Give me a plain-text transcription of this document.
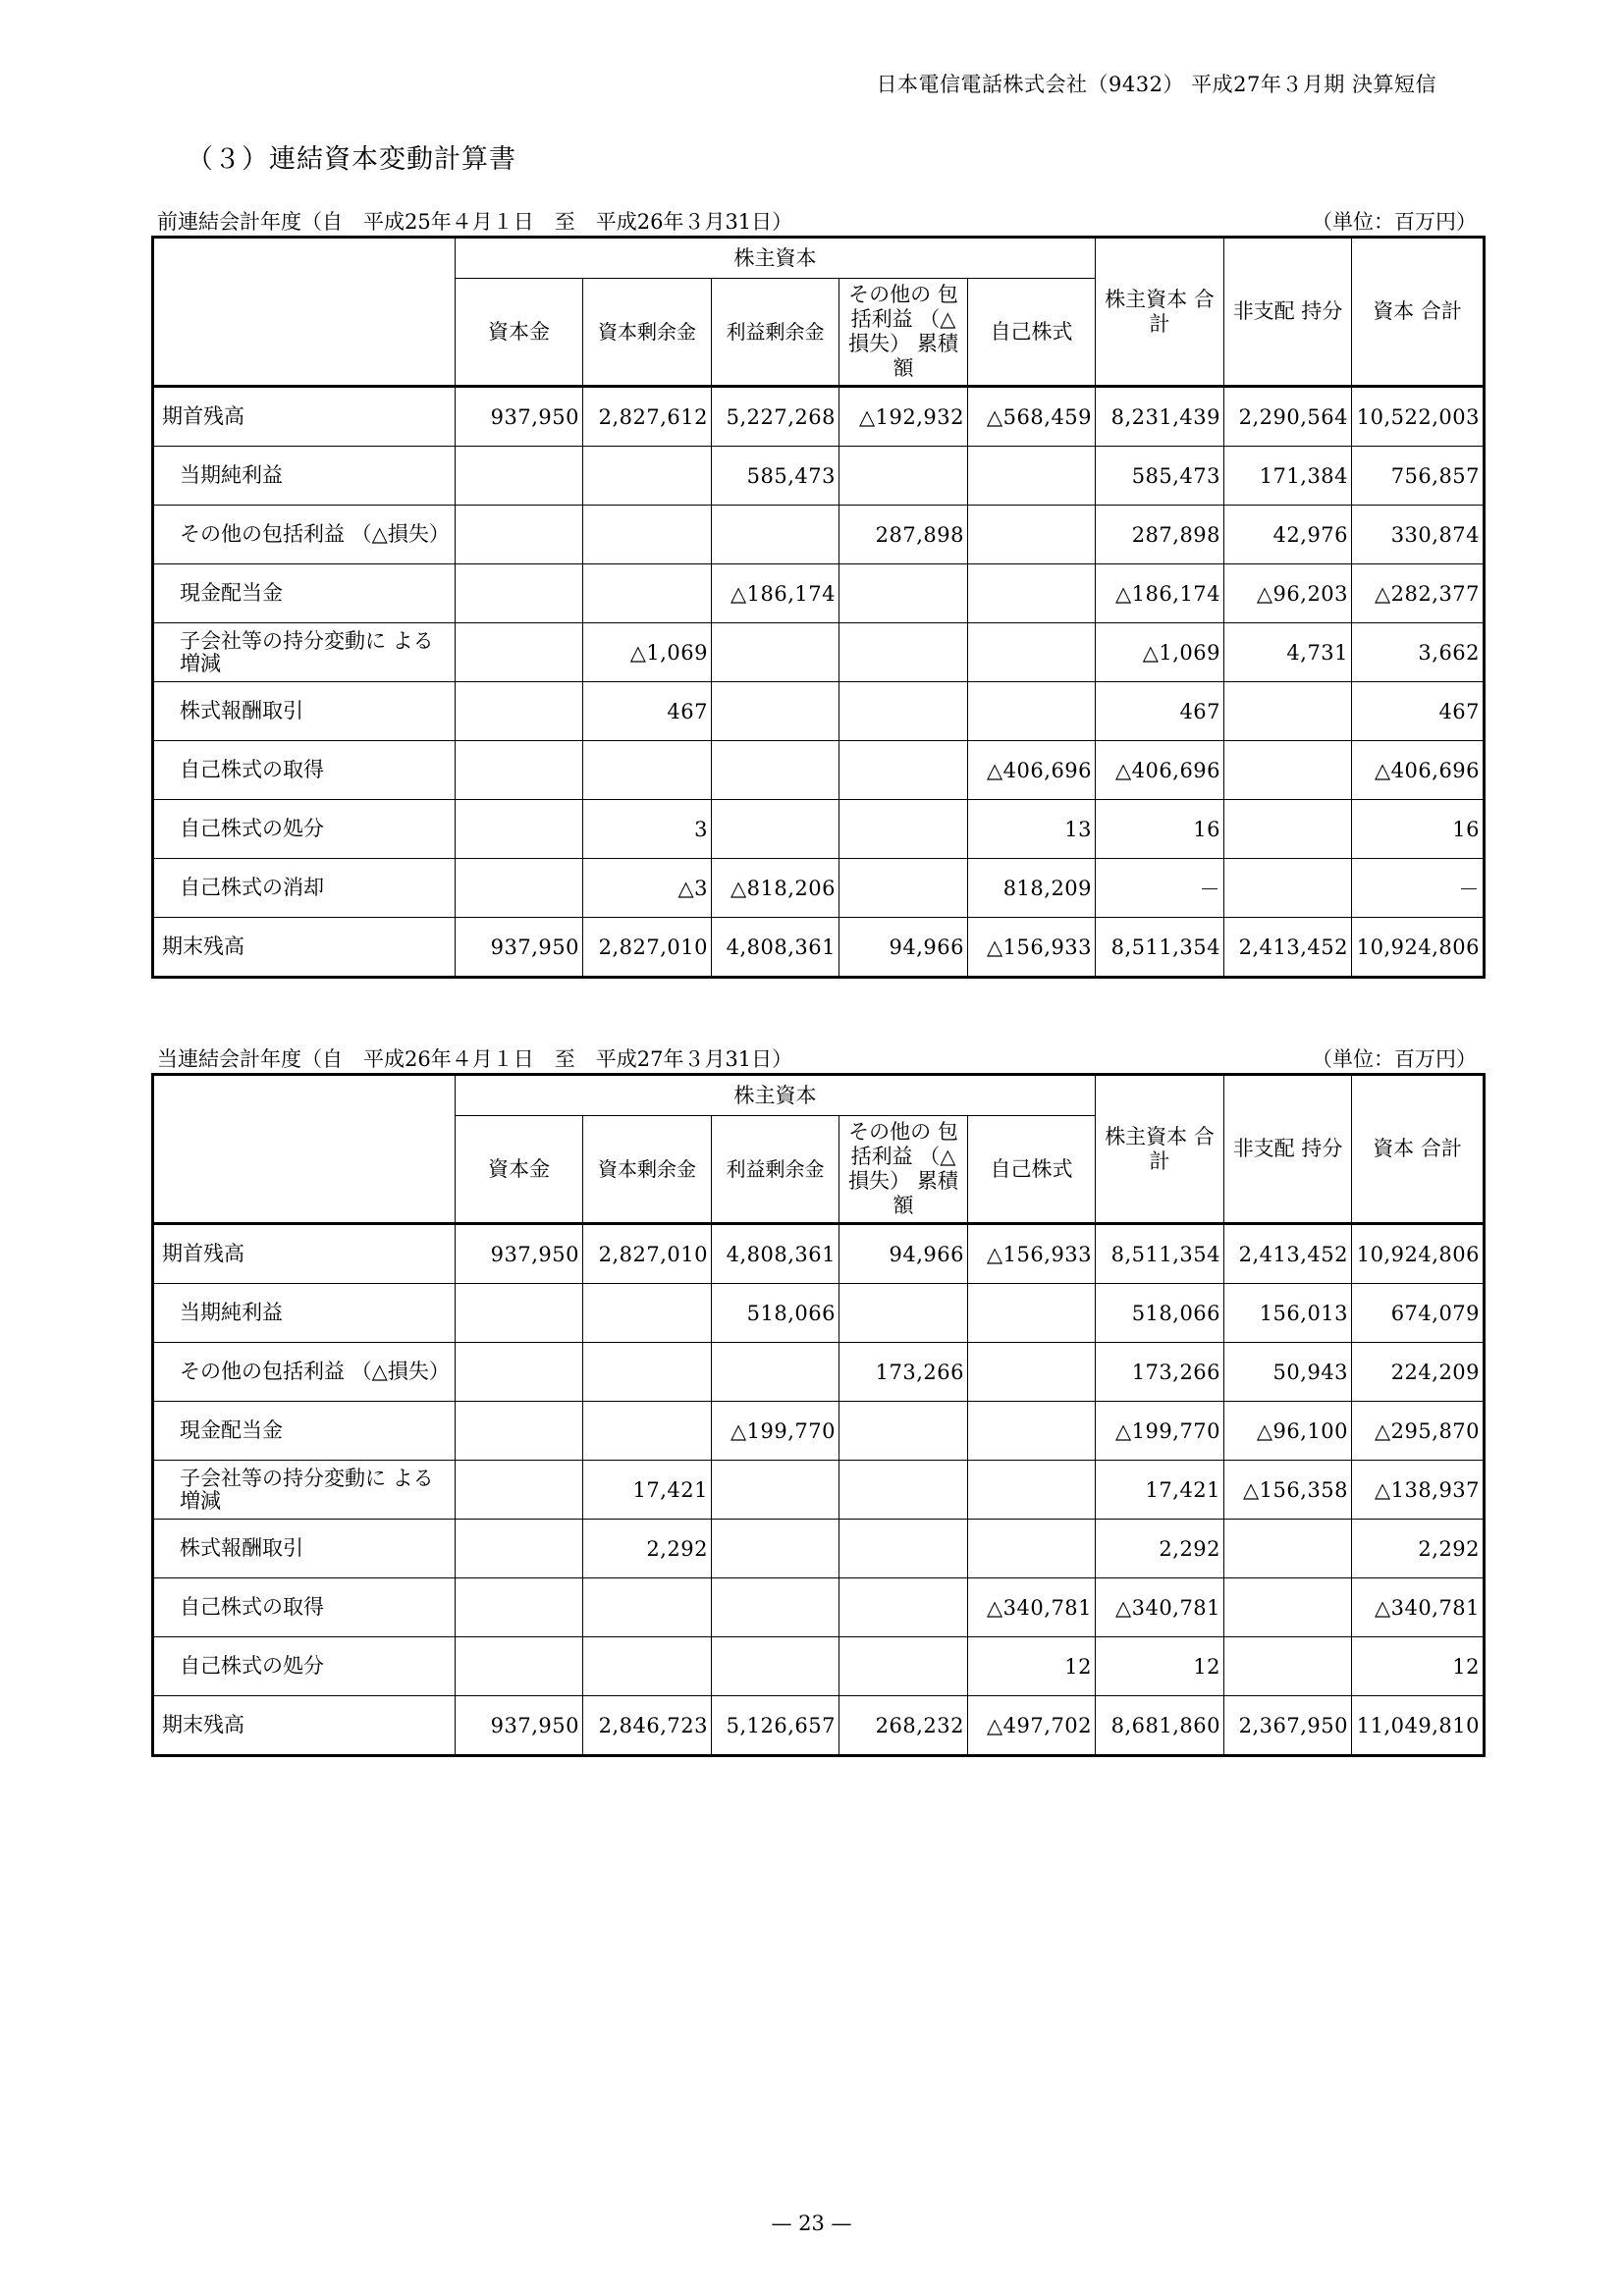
日本電信電話株式会社（9432） 平成27年３月期 決算短信
（３）連結資本変動計算書
前連結会計年度（自　平成25年４月１日　至　平成26年３月31日）	（単位：百万円）
	株主資本					株主資本 合計	非支配 持分	資本 合計
	資本金	資本剰余金	利益剰余金	その他の 包括利益 （△損失） 累積額	自己株式			
期首残高	937,950	2,827,612	5,227,268	△192,932	△568,459	8,231,439	2,290,564	10,522,003
当期純利益			585,473			585,473	171,384	756,857
その他の包括利益 （△損失）				287,898		287,898	42,976	330,874
現金配当金			△186,174			△186,174	△96,203	△282,377
子会社等の持分変動に よる増減		△1,069				△1,069	4,731	3,662
株式報酬取引		467				467		467
自己株式の取得					△406,696	△406,696		△406,696
自己株式の処分		3			13	16		16
自己株式の消却		△3	△818,206		818,209	－		－
期末残高	937,950	2,827,010	4,808,361	94,966	△156,933	8,511,354	2,413,452	10,924,806
当連結会計年度（自　平成26年４月１日　至　平成27年３月31日）	（単位：百万円）
	株主資本					株主資本 合計	非支配 持分	資本 合計
	資本金	資本剰余金	利益剰余金	その他の 包括利益 （△損失） 累積額	自己株式			
期首残高	937,950	2,827,010	4,808,361	94,966	△156,933	8,511,354	2,413,452	10,924,806
当期純利益			518,066			518,066	156,013	674,079
その他の包括利益 （△損失）				173,266		173,266	50,943	224,209
現金配当金			△199,770			△199,770	△96,100	△295,870
子会社等の持分変動に よる増減		17,421				17,421	△156,358	△138,937
株式報酬取引		2,292				2,292		2,292
自己株式の取得					△340,781	△340,781		△340,781
自己株式の処分					12	12		12
期末残高	937,950	2,846,723	5,126,657	268,232	△497,702	8,681,860	2,367,950	11,049,810
— 23 —
